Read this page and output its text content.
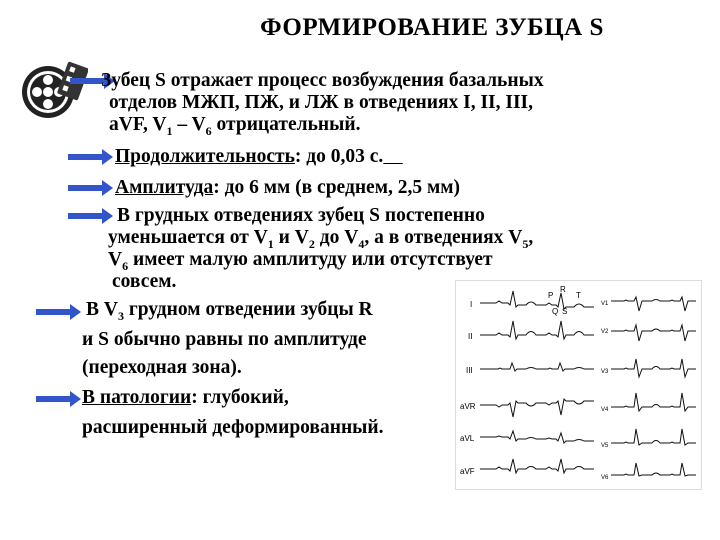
ФОРМИРОВАНИЕ ЗУБЦА S
Зубец S отражает процесс возбуждения базальных
отделов МЖП, ПЖ, и ЛЖ в отведениях I, II, III,
aVF, $V_1 - V_6$ отрицательный.
Продолжительность: до 0,03 с.
Амплитуда: до 6 мм (в среднем, 2,5 мм)
В грудных отведениях зубец S постепенно
уменьшается от $V_1$ и $V_2$ до $V_4$, а в отведениях $V_5$,
$V_6$ имеет малую амплитуду или отсутствует
совсем.
В $V_3$ грудном отведении зубцы R
и S обычно равны по амплитуде
(переходная зона).
В патологии: глубокий,
расширенный деформированный.
I
II
III
aVR
aVL
aVF
V1
V2
V3
V4
V5
V6
P
R
T
Q S
